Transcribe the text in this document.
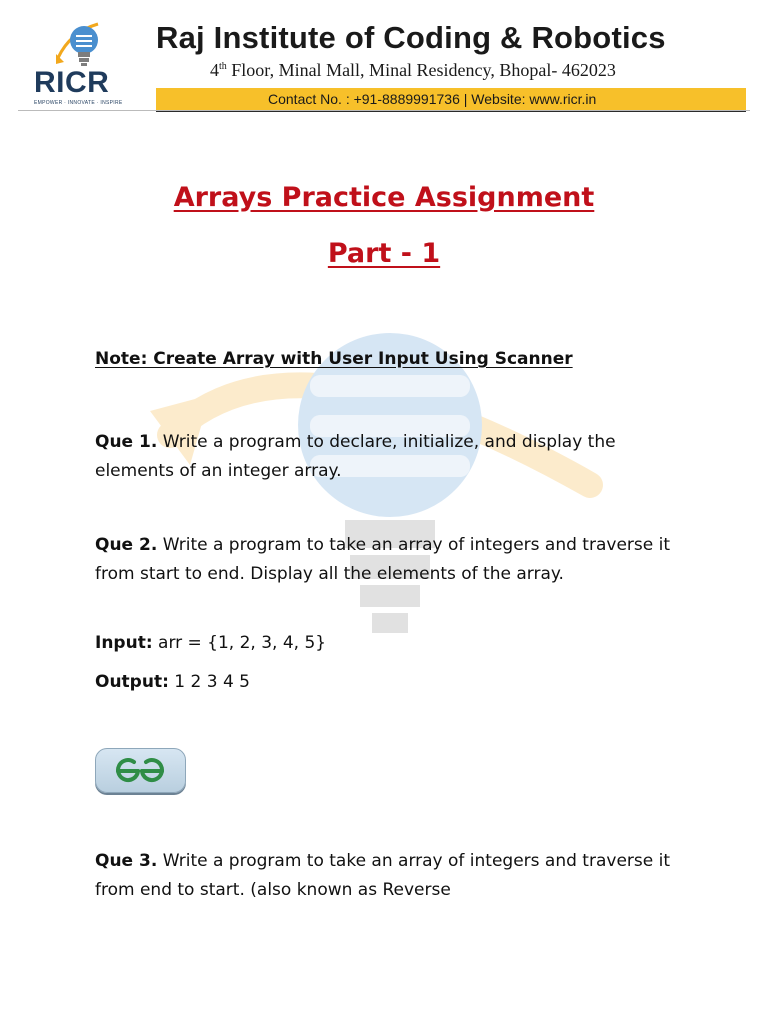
RICR
EMPOWER · INNOVATE · INSPIRE
Raj Institute of Coding & Robotics
4th Floor, Minal Mall, Minal Residency, Bhopal- 462023
Contact No. : +91-8889991736 | Website: www.ricr.in
Arrays Practice Assignment
Part - 1
Note: Create Array with User Input Using Scanner
Que 1. Write a program to declare, initialize, and display the elements of an integer array.
Que 2. Write a program to take an array of integers and traverse it from start to end. Display all the elements of the array.
Input: arr = {1, 2, 3, 4, 5}
Output: 1 2 3 4 5
Que 3. Write a program to take an array of integers and traverse it from end to start. (also known as Reverse
